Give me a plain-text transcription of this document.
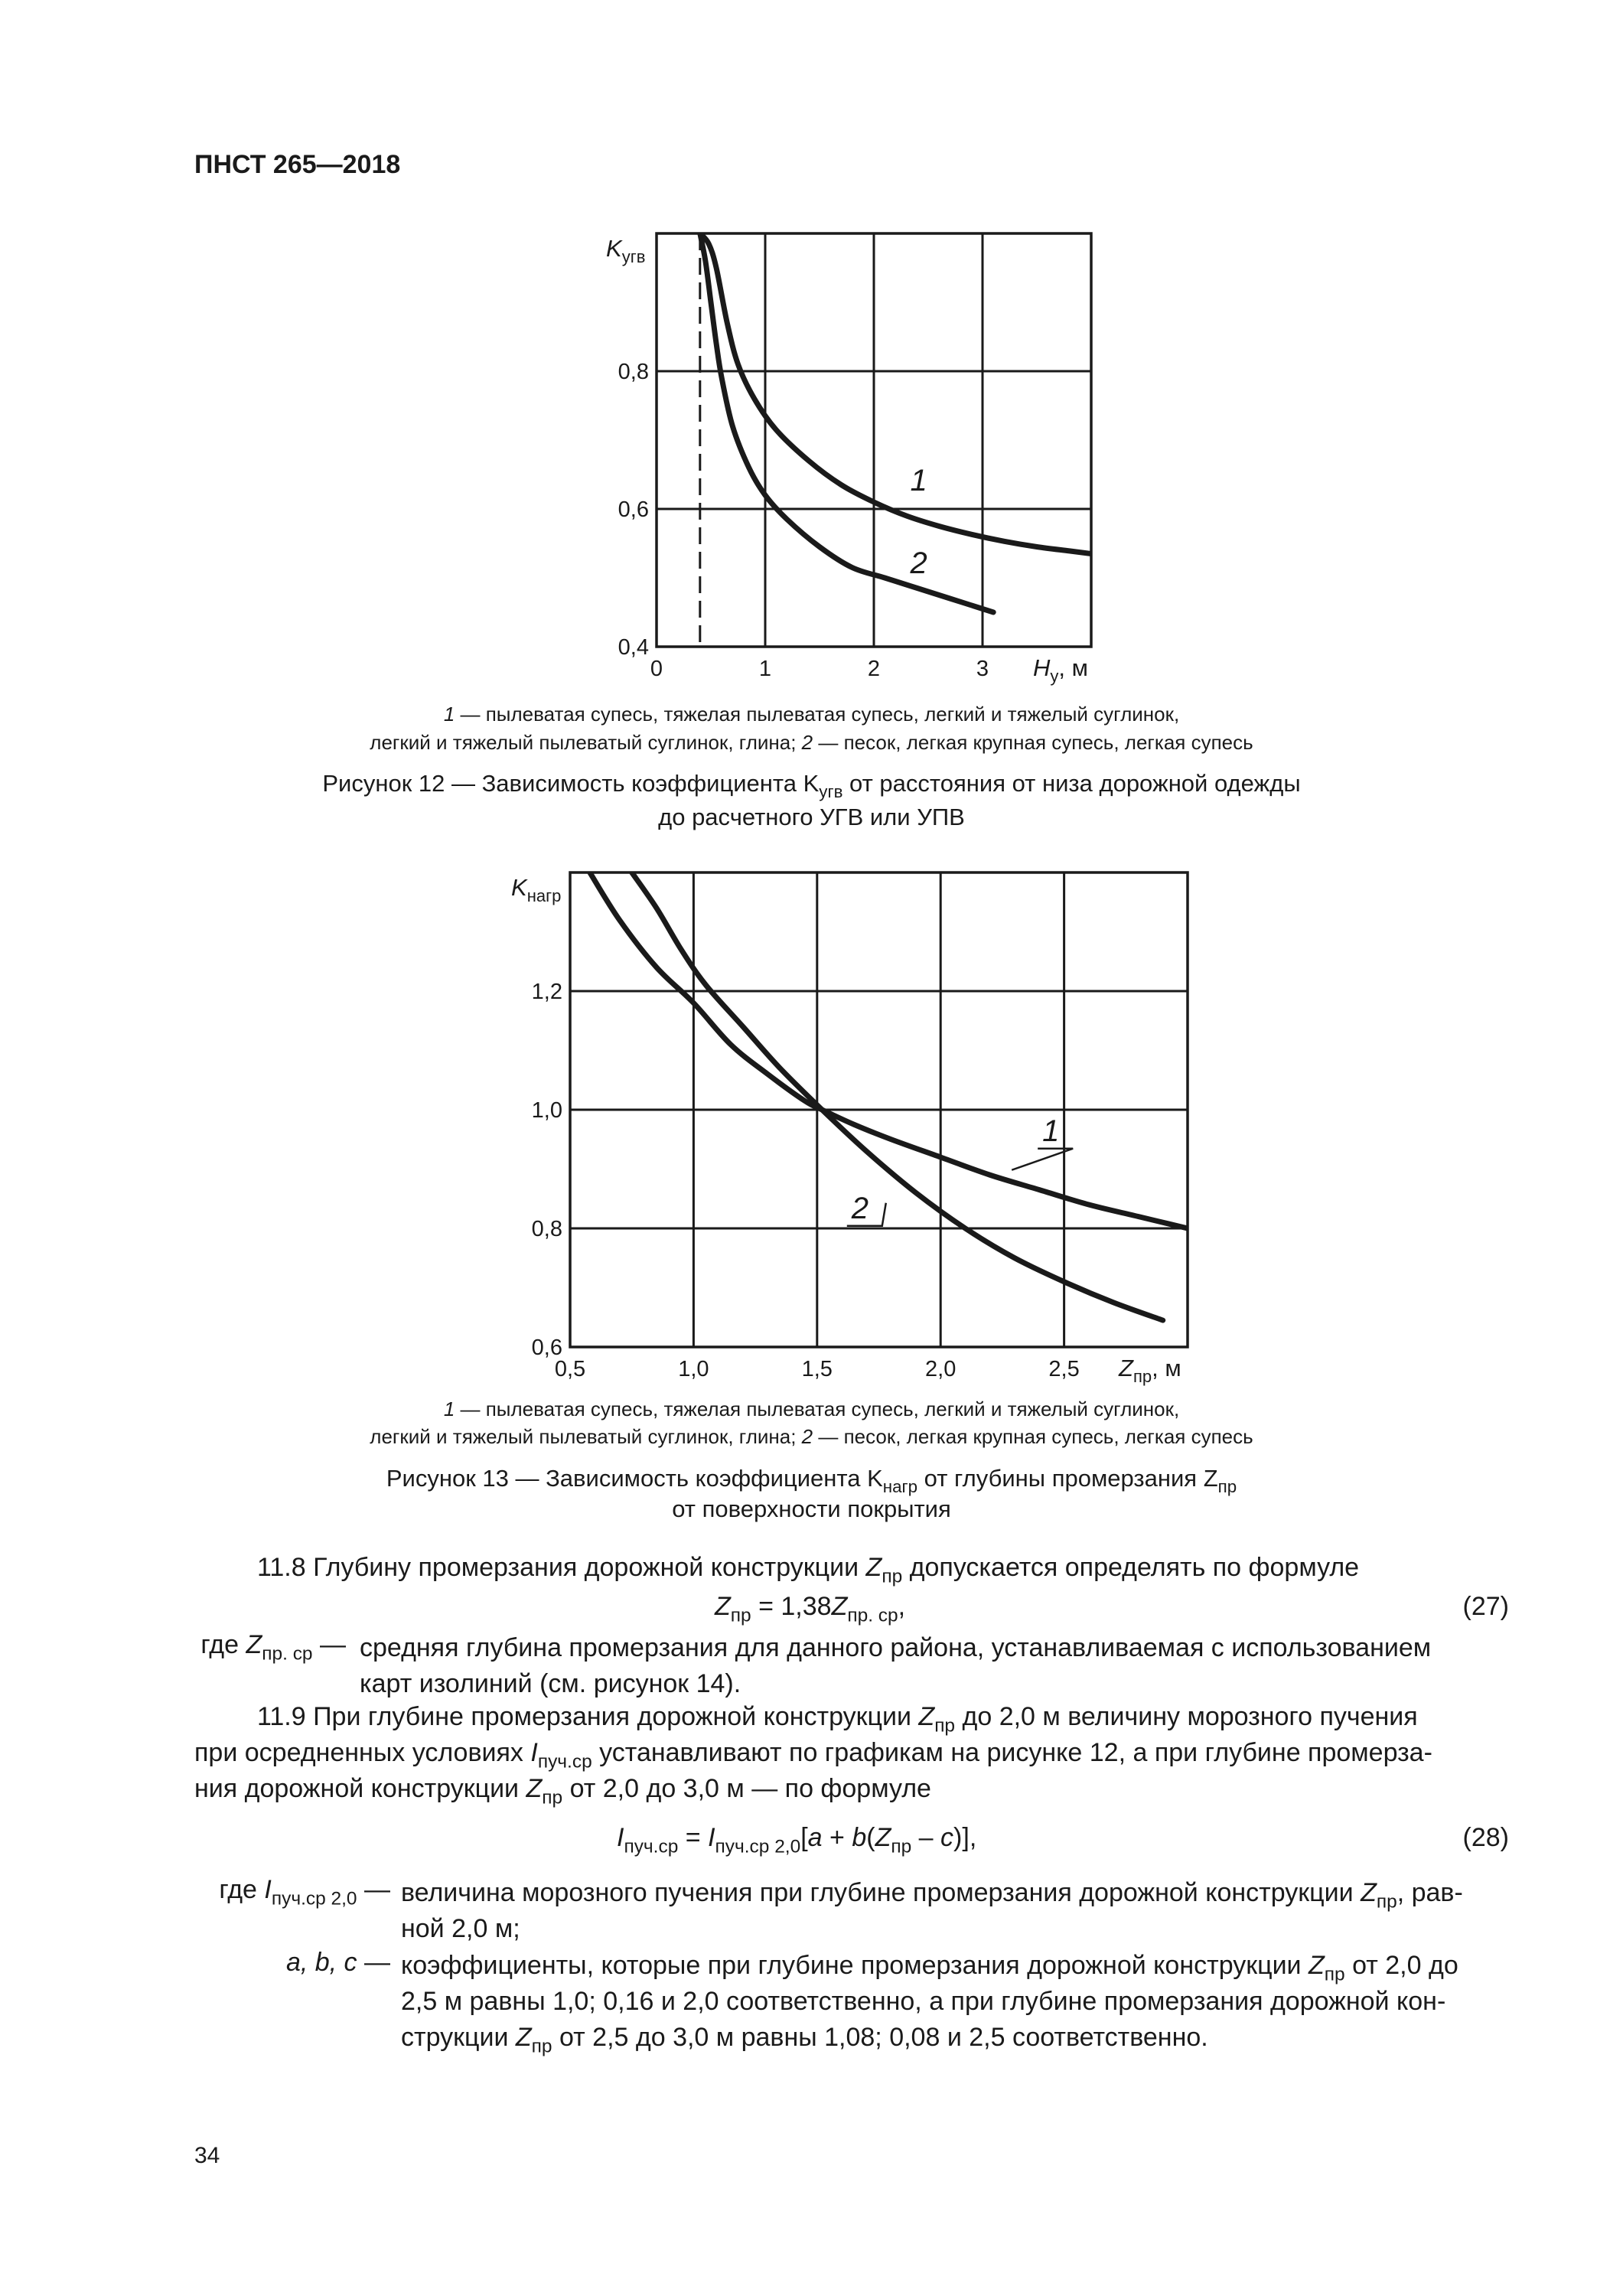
ПНСТ 265—2018
0	1	2	3
0,4
0,6
0,8
$K_{угв}$
$H_у$, м
1
2
1 — пылеватая супесь, тяжелая пылеватая супесь, легкий и тяжелый суглинок,
легкий и тяжелый пылеватый суглинок, глина; 2 — песок, легкая крупная супесь, легкая супесь
Рисунок 12 — Зависимость коэффициента $K_{угв}$ от расстояния от низа дорожной одежды
до расчетного УГВ или УПВ
0,5	1,0	1,5	2,0	2,5
0,6
0,8
1,0
1,2
$K_{нагр}$
$Z_{пр}$, м
1
2
1 — пылеватая супесь, тяжелая пылеватая супесь, легкий и тяжелый суглинок,
легкий и тяжелый пылеватый суглинок, глина; 2 — песок, легкая крупная супесь, легкая супесь
Рисунок 13 — Зависимость коэффициента $K_{нагр}$ от глубины промерзания $Z_{пр}$
от поверхности покрытия
11.8 Глубину промерзания дорожной конструкции $Z_{пр}$ допускается определять по формуле
$Z_{пр} = 1,38Z_{пр. ср}$,	(27)
где $Z_{пр. ср}$ — средняя глубина промерзания для данного района, устанавливаемая с использованием
карт изолиний (см. рисунок 14).
11.9 При глубине промерзания дорожной конструкции $Z_{пр}$ до 2,0 м величину морозного пучения
при осредненных условиях $I_{пуч.ср}$ устанавливают по графикам на рисунке 12, а при глубине промерза-
ния дорожной конструкции $Z_{пр}$ от 2,0 до 3,0 м — по формуле
$I_{пуч.ср} = I_{пуч.ср 2,0}[a + b(Z_{пр} - c)]$,	(28)
где $I_{пуч.ср 2,0}$ — величина морозного пучения при глубине промерзания дорожной конструкции $Z_{пр}$, рав-
ной 2,0 м;
a, b, c — коэффициенты, которые при глубине промерзания дорожной конструкции $Z_{пр}$ от 2,0 до
2,5 м равны 1,0; 0,16 и 2,0 соответственно, а при глубине промерзания дорожной кон-
струкции $Z_{пр}$ от 2,5 до 3,0 м равны 1,08; 0,08 и 2,5 соответственно.
34
